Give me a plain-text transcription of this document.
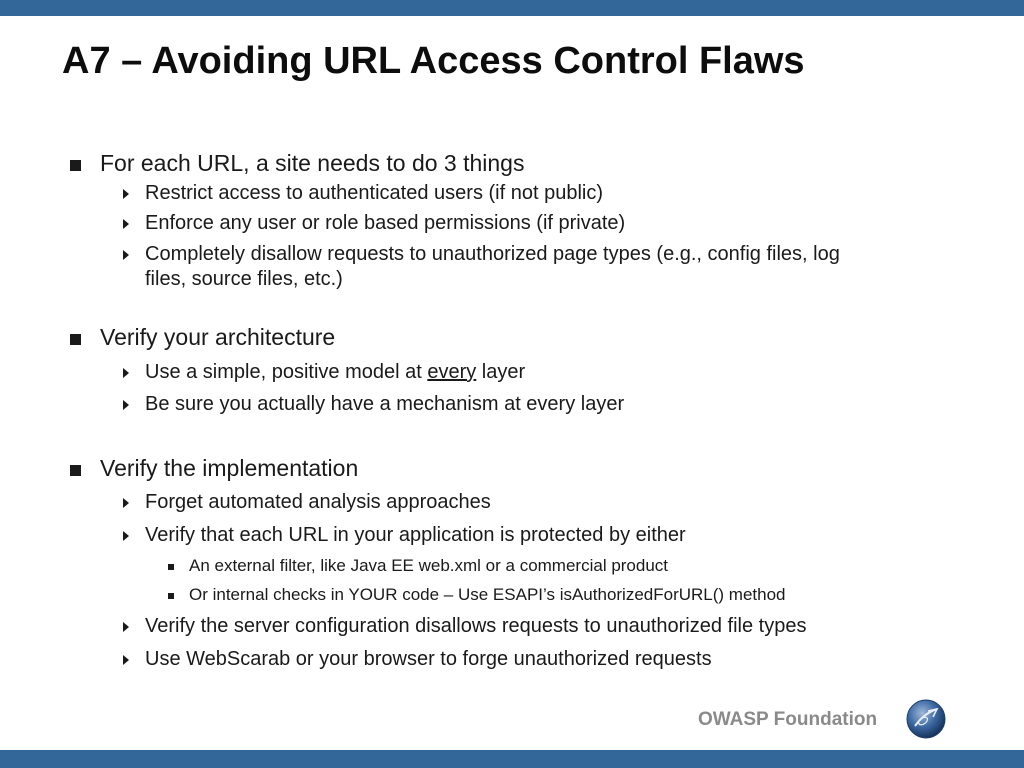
A7 – Avoiding URL Access Control Flaws
For each URL, a site needs to do 3 things
Restrict access to authenticated users (if not public)
Enforce any user or role based permissions (if private)
Completely disallow requests to unauthorized page types (e.g., config files, log
files, source files, etc.)
Verify your architecture
Use a simple, positive model at every layer
Be sure you actually have a mechanism at every layer
Verify the implementation
Forget automated analysis approaches
Verify that each URL in your application is protected by either
An external filter, like Java EE web.xml or a commercial product
Or internal checks in YOUR code – Use ESAPI’s isAuthorizedForURL() method
Verify the server configuration disallows requests to unauthorized file types
Use WebScarab or your browser to forge unauthorized requests
OWASP Foundation
